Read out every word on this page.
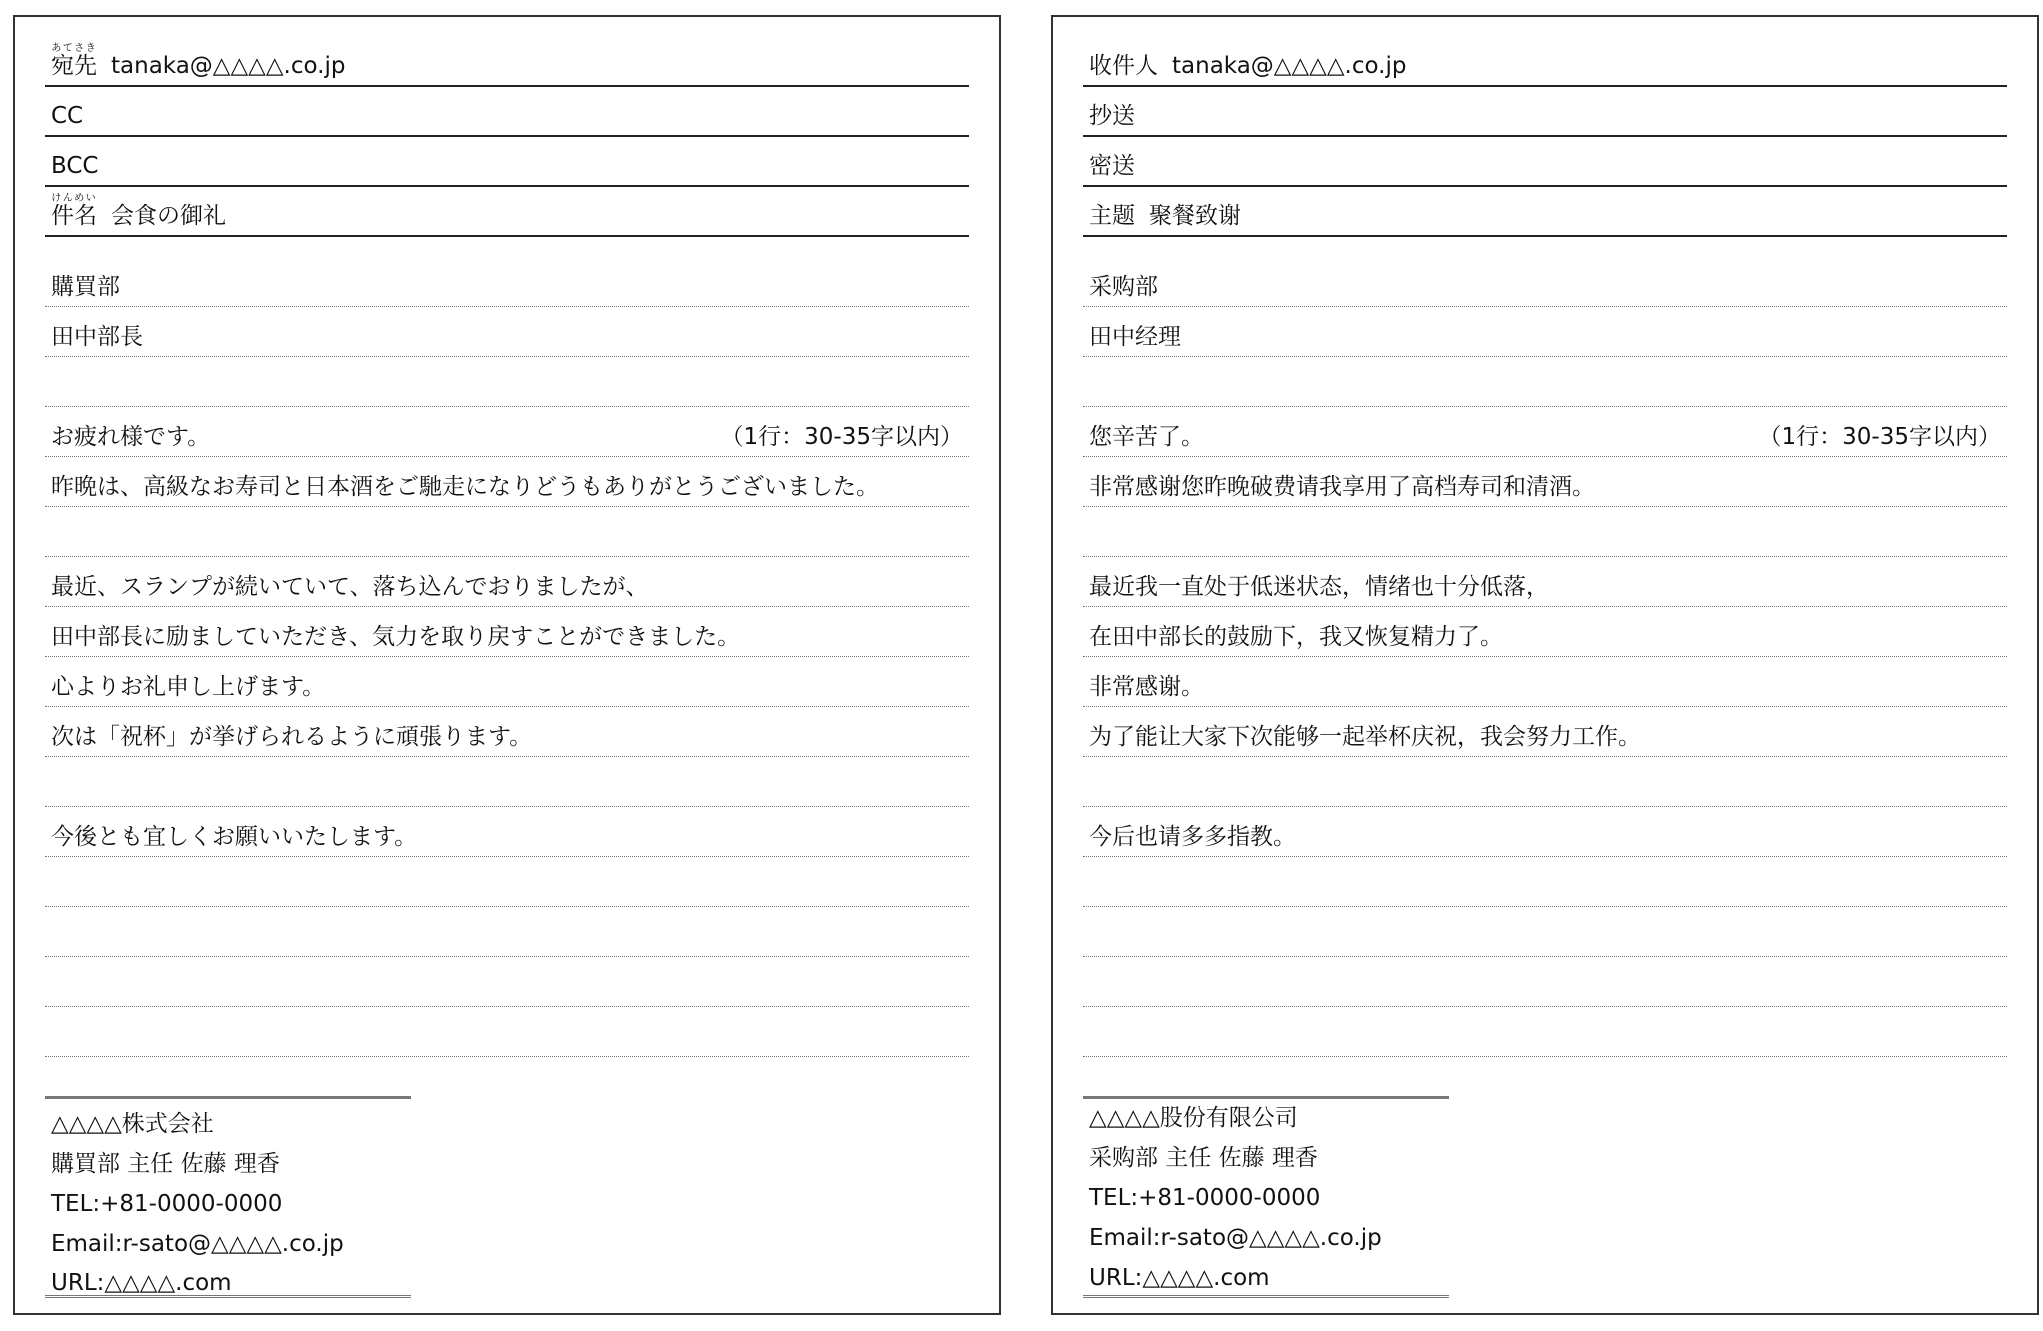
宛先あてさきtanaka@△△△△.co.jp
CC
BCC
件名けんめい会食の御礼
購買部
田中部長
お疲れ様です。	（1行：30-35字以内）
昨晩は、高級なお寿司と日本酒をご馳走になりどうもありがとうございました。
最近、スランプが続いていて、落ち込んでおりましたが、
田中部長に励ましていただき、気力を取り戻すことができました。
心よりお礼申し上げます。
次は「祝杯」が挙げられるように頑張ります。
今後とも宜しくお願いいたします。
△△△△株式会社
購買部 主任 佐藤 理香
TEL:+81-0000-0000
Email:r-sato@△△△△.co.jp
URL:△△△△.com
收件人 tanaka@△△△△.co.jp
抄送
密送
主题 聚餐致谢
采购部
田中经理
您辛苦了。	（1行：30-35字以内）
非常感谢您昨晚破费请我享用了高档寿司和清酒。
最近我一直处于低迷状态，情绪也十分低落，
在田中部长的鼓励下，我又恢复精力了。
非常感谢。
为了能让大家下次能够一起举杯庆祝，我会努力工作。
今后也请多多指教。
△△△△股份有限公司
采购部 主任 佐藤 理香
TEL:+81-0000-0000
Email:r-sato@△△△△.co.jp
URL:△△△△.com
